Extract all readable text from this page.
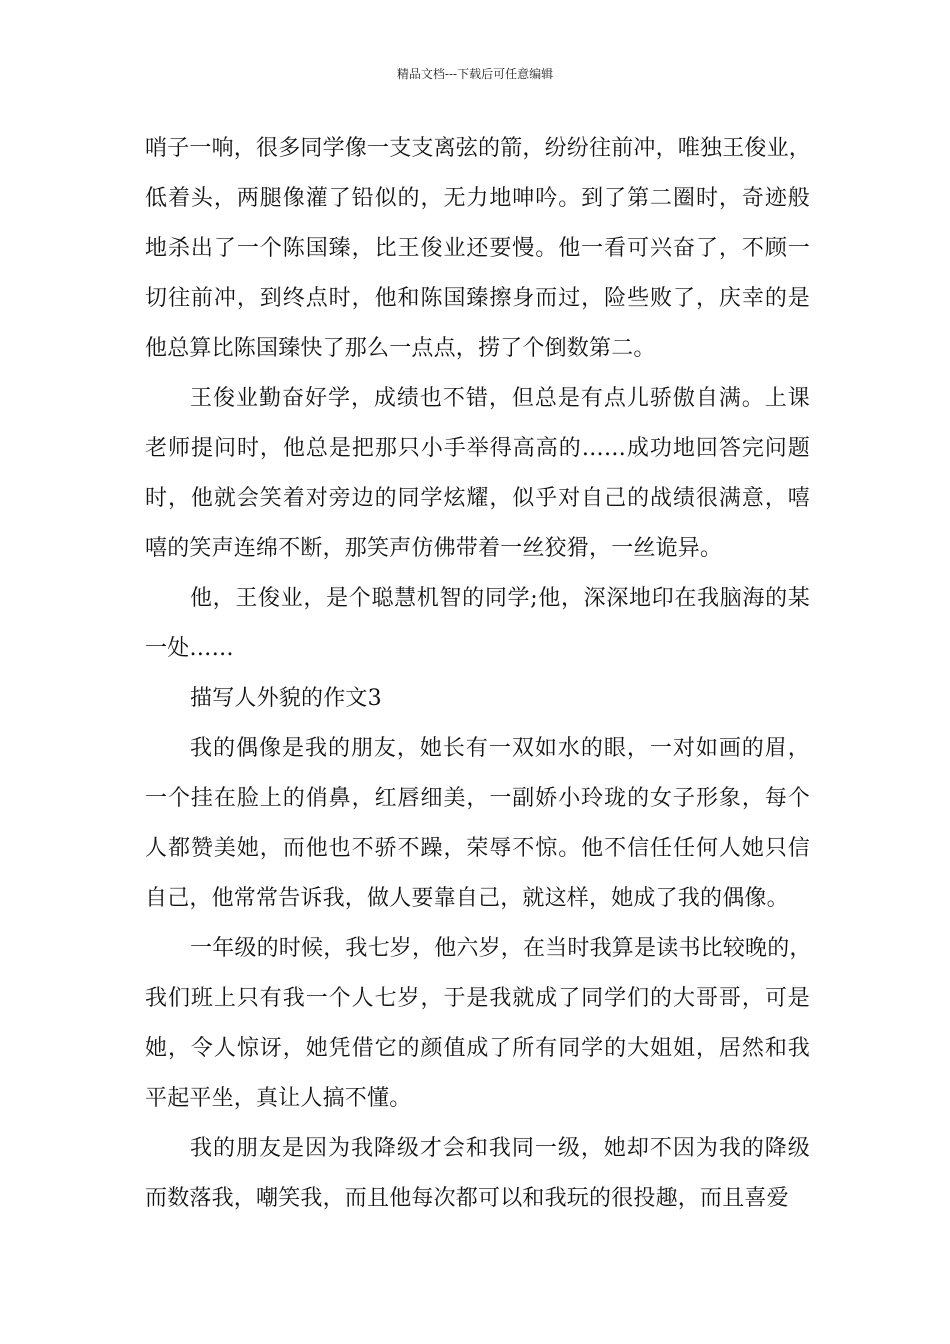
精品文档---下载后可任意编辑
哨子一响，很多同学像一支支离弦的箭，纷纷往前冲，唯独王俊业，
低着头，两腿像灌了铅似的，无力地呻吟。到了第二圈时，奇迹般
地杀出了一个陈国臻，比王俊业还要慢。他一看可兴奋了，不顾一
切往前冲，到终点时，他和陈国臻擦身而过，险些败了，庆幸的是
他总算比陈国臻快了那么一点点，捞了个倒数第二。
王俊业勤奋好学，成绩也不错，但总是有点儿骄傲自满。上课
老师提问时，他总是把那只小手举得高高的……成功地回答完问题
时，他就会笑着对旁边的同学炫耀，似乎对自己的战绩很满意，嘻
嘻的笑声连绵不断，那笑声仿佛带着一丝狡猾，一丝诡异。
他，王俊业，是个聪慧机智的同学;他，深深地印在我脑海的某
一处……
描写人外貌的作文3
我的偶像是我的朋友，她长有一双如水的眼，一对如画的眉，
一个挂在脸上的俏鼻，红唇细美，一副娇小玲珑的女子形象，每个
人都赞美她，而他也不骄不躁，荣辱不惊。他不信任任何人她只信
自己，他常常告诉我，做人要靠自己，就这样，她成了我的偶像。
一年级的时候，我七岁，他六岁，在当时我算是读书比较晚的，
我们班上只有我一个人七岁，于是我就成了同学们的大哥哥，可是
她，令人惊讶，她凭借它的颜值成了所有同学的大姐姐，居然和我
平起平坐，真让人搞不懂。
我的朋友是因为我降级才会和我同一级，她却不因为我的降级
而数落我，嘲笑我，而且他每次都可以和我玩的很投趣，而且喜爱
